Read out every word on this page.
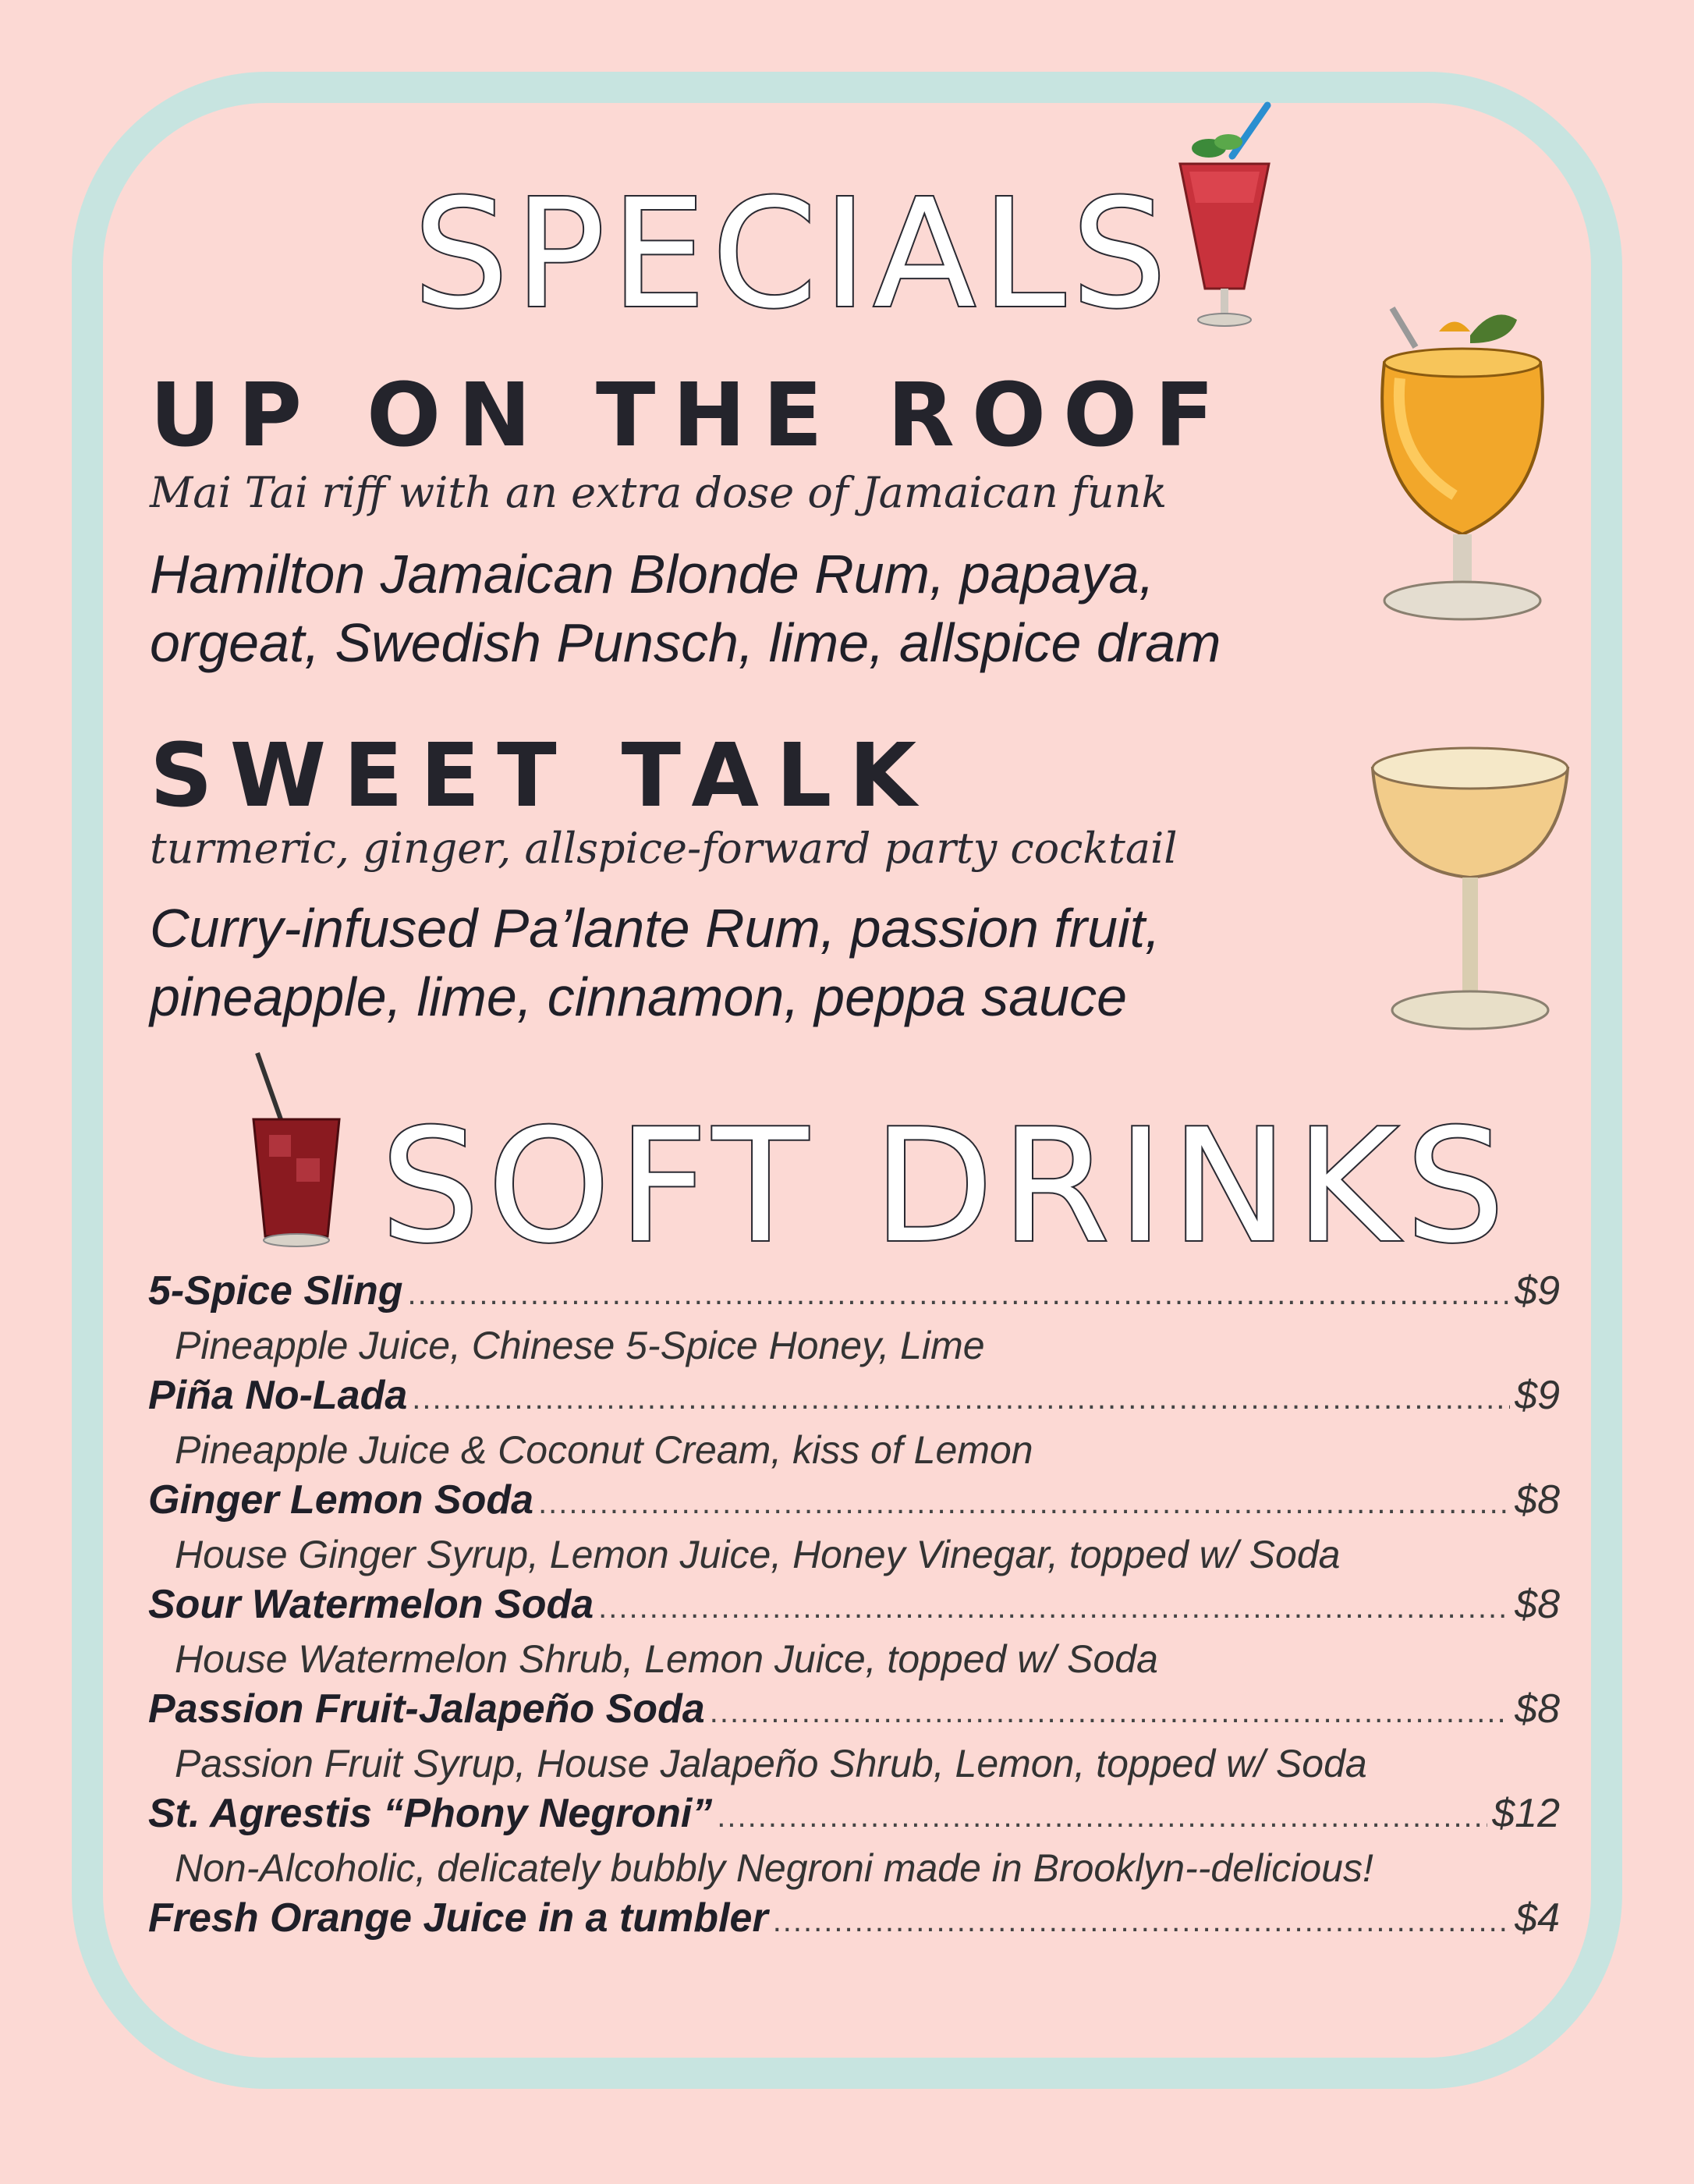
SPECIALS
UP ON THE ROOF
Mai Tai riff with an extra dose of Jamaican funk
Hamilton Jamaican Blonde Rum, papaya,
orgeat, Swedish Punsch, lime, allspice dram
SWEET TALK
turmeric, ginger, allspice-forward party cocktail
Curry-infused Pa’lante Rum, passion fruit,
pineapple, lime, cinnamon, peppa sauce
SOFT DRINKS
5-Spice Sling .....	$9
Pineapple Juice, Chinese 5-Spice Honey, Lime
Piña No-Lada .....	$9
Pineapple Juice & Coconut Cream, kiss of Lemon
Ginger Lemon Soda .....	$8
House Ginger Syrup, Lemon Juice, Honey Vinegar, topped w/ Soda
Sour Watermelon Soda .....	$8
House Watermelon Shrub, Lemon Juice, topped w/ Soda
Passion Fruit-Jalapeño Soda .....	$8
Passion Fruit Syrup, House Jalapeño Shrub, Lemon, topped w/ Soda
St. Agrestis “Phony Negroni” .....	$12
Non-Alcoholic, delicately bubbly Negroni made in Brooklyn--delicious!
Fresh Orange Juice in a tumbler .....	$4
